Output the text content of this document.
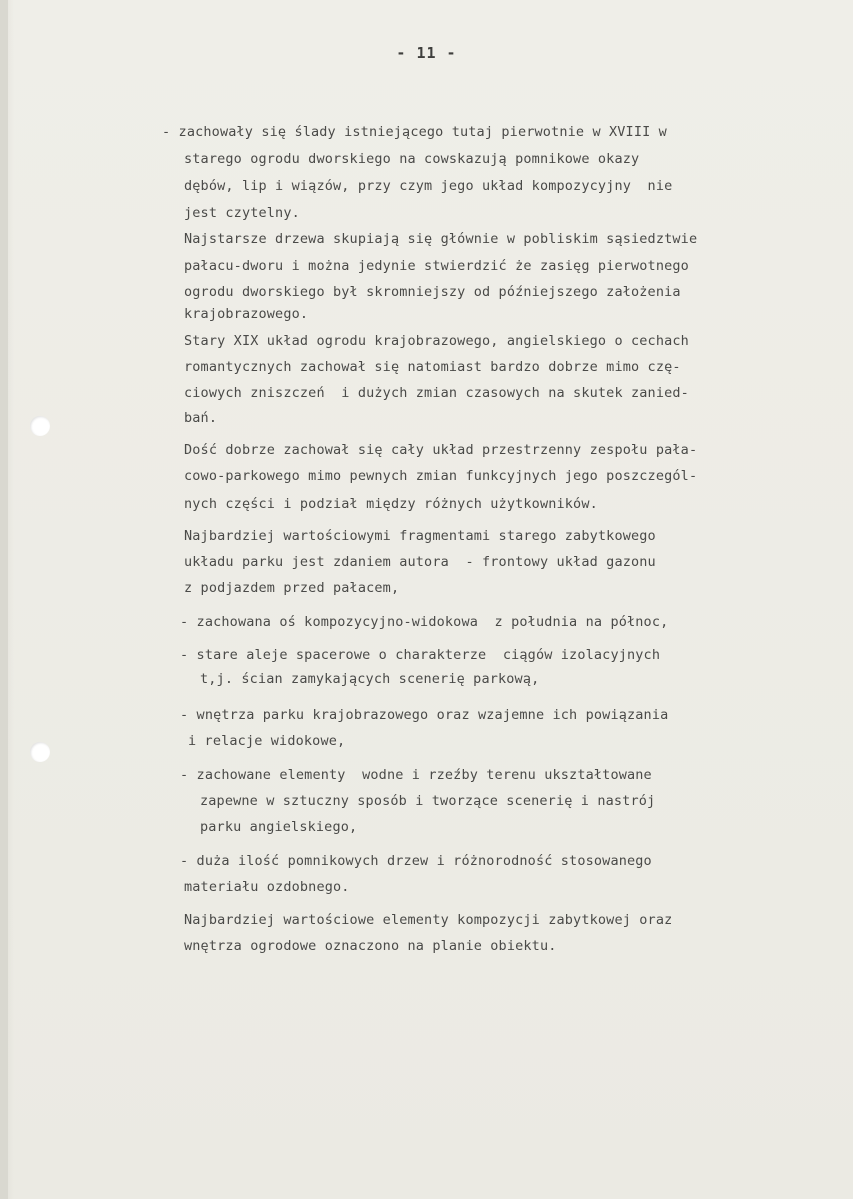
- 11 -
- zachowały się ślady istniejącego tutaj pierwotnie w XVIII w
starego ogrodu dworskiego na cowskazują pomnikowe okazy
dębów, lip i wiązów, przy czym jego układ kompozycyjny  nie
jest czytelny.
Najstarsze drzewa skupiają się głównie w pobliskim sąsiedztwie
pałacu-dworu i można jedynie stwierdzić że zasięg pierwotnego
ogrodu dworskiego był skromniejszy od późniejszego założenia
krajobrazowego.
Stary XIX układ ogrodu krajobrazowego, angielskiego o cechach
romantycznych zachował się natomiast bardzo dobrze mimo czę-
ciowych zniszczeń  i dużych zmian czasowych na skutek zanied-
bań.
Dość dobrze zachował się cały układ przestrzenny zespołu pała-
cowo-parkowego mimo pewnych zmian funkcyjnych jego poszczegól-
nych części i podział między różnych użytkowników.
Najbardziej wartościowymi fragmentami starego zabytkowego
układu parku jest zdaniem autora  - frontowy układ gazonu
z podjazdem przed pałacem,
- zachowana oś kompozycyjno-widokowa  z południa na północ,
- stare aleje spacerowe o charakterze  ciągów izolacyjnych
t,j. ścian zamykających scenerię parkową,
- wnętrza parku krajobrazowego oraz wzajemne ich powiązania
i relacje widokowe,
- zachowane elementy  wodne i rzeźby terenu ukształtowane
zapewne w sztuczny sposób i tworzące scenerię i nastrój
parku angielskiego,
- duża ilość pomnikowych drzew i różnorodność stosowanego
materiału ozdobnego.
Najbardziej wartościowe elementy kompozycji zabytkowej oraz
wnętrza ogrodowe oznaczono na planie obiektu.
